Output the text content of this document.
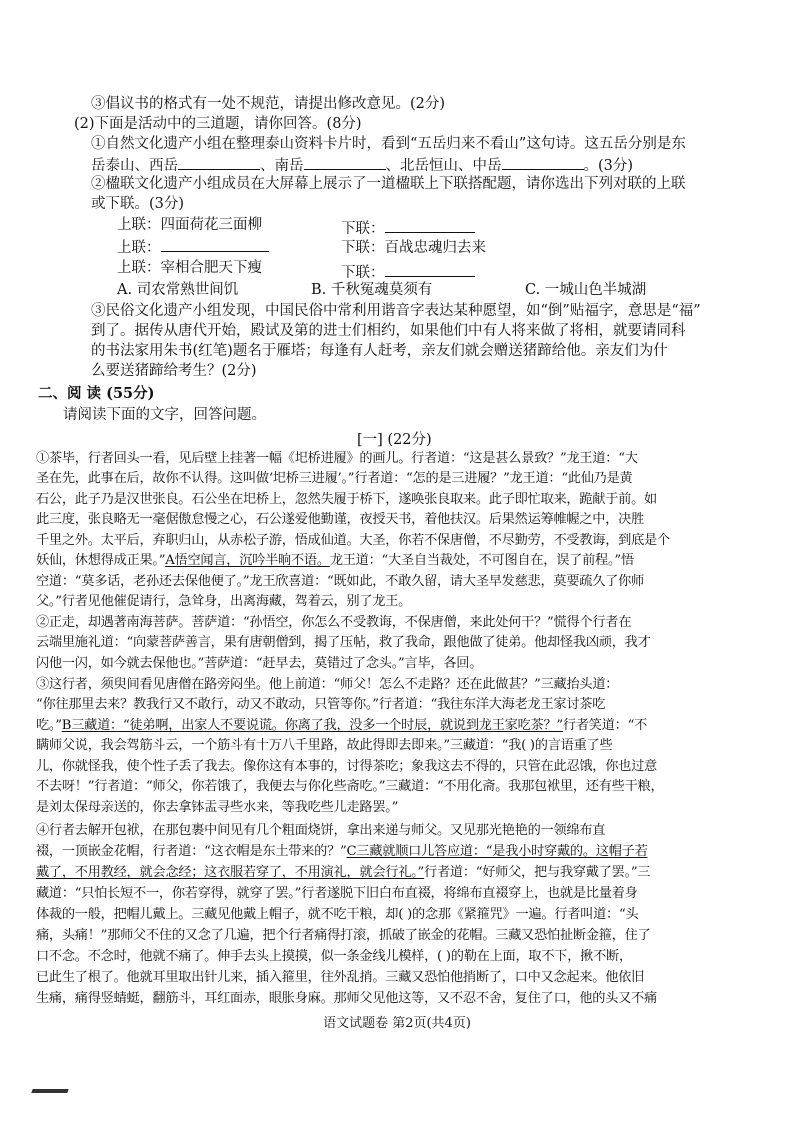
③倡议书的格式有一处不规范，请提出修改意见。(2分)
(2)下面是活动中的三道题，请你回答。(8分)
①自然文化遗产小组在整理泰山资料卡片时，看到“五岳归来不看山”这句诗。这五岳分别是东
岳泰山、西岳	、南岳	、北岳恒山、中岳	。(3分)
②楹联文化遗产小组成员在大屏幕上展示了一道楹联上下联搭配题，请你选出下列对联的上联
或下联。(3分)
上联：四面荷花三面柳	下联：
上联：	下联：百战忠魂归去来
上联：宰相合肥天下瘦	下联：
A. 司农常熟世间饥	B. 千秋冤魂莫须有	C. 一城山色半城湖
③民俗文化遗产小组发现，中国民俗中常利用谐音字表达某种愿望，如“倒”贴福字，意思是“福”
到了。据传从唐代开始，殿试及第的进士们相约，如果他们中有人将来做了将相，就要请同科
的书法家用朱书(红笔)题名于雁塔；每逢有人赶考，亲友们就会赠送猪蹄给他。亲友们为什
么要送猪蹄给考生？(2分)
二、阅 读 (55分)
请阅读下面的文字，回答问题。
[一] (22分)
①茶毕，行者回头一看，见后壁上挂著一幅《圯桥进履》的画儿。行者道：“这是甚么景致？”龙王道：“大
圣在先，此事在后，故你不认得。这叫做‘圯桥三进履’。”行者道：“怎的是三进履？”龙王道：“此仙乃是黄
石公，此子乃是汉世张良。石公坐在圯桥上，忽然失履于桥下，遂唤张良取来。此子即忙取来，跪献于前。如
此三度，张良略无一毫倨傲怠慢之心，石公遂爱他勤谨，夜授天书，着他扶汉。后果然运筹帷幄之中，决胜
千里之外。太平后，弃职归山，从赤松子游，悟成仙道。大圣，你若不保唐僧，不尽勤劳，不受教诲，到底是个
妖仙，休想得成正果。”A悟空闻言，沉吟半晌不语。龙王道：“大圣自当裁处，不可图自在，误了前程。”悟
空道：“莫多话，老孙还去保他便了。”龙王欣喜道：“既如此，不敢久留，请大圣早发慈悲，莫要疏久了你师
父。”行者见他催促请行，急耸身，出离海藏，驾着云，别了龙王。
②正走，却遇著南海菩萨。菩萨道：“孙悟空，你怎么不受教诲，不保唐僧，来此处何干？”慌得个行者在
云端里施礼道：“向蒙菩萨善言，果有唐朝僧到，揭了压帖，救了我命，跟他做了徒弟。他却怪我凶顽，我才
闪他一闪，如今就去保他也。”菩萨道：“赶早去，莫错过了念头。”言毕，各回。
③这行者，须臾间看见唐僧在路旁闷坐。他上前道：“师父！怎么不走路？还在此做甚？”三藏抬头道：
“你往那里去来？教我行又不敢行，动又不敢动，只管等你。”行者道：“我往东洋大海老龙王家讨茶吃
吃。”B三藏道：“徒弟啊，出家人不要说谎。你离了我，没多一个时辰，就说到龙王家吃茶？”行者笑道：“不
瞒师父说，我会驾筋斗云，一个筋斗有十万八千里路，故此得即去即来。”三藏道：“我( )的言语重了些
儿，你就怪我，使个性子丢了我去。像你这有本事的，讨得茶吃；象我这去不得的，只管在此忍饿，你也过意
不去呀！”行者道：“师父，你若饿了，我便去与你化些斋吃。”三藏道：“不用化斋。我那包袱里，还有些干粮，
是刘太保母亲送的，你去拿钵盂寻些水来，等我吃些儿走路罢。”
④行者去解开包袱，在那包裹中间见有几个粗面烧饼，拿出来递与师父。又见那光艳艳的一领绵布直
裰，一顶嵌金花帽，行者道：“这衣帽是东土带来的？”C三藏就顺口儿答应道：“是我小时穿戴的。这帽子若
戴了，不用教经，就会念经；这衣服若穿了，不用演礼，就会行礼。”行者道：“好师父，把与我穿戴了罢。”三
藏道：“只怕长短不一，你若穿得，就穿了罢。”行者遂脱下旧白布直裰，将绵布直裰穿上，也就是比量着身
体裁的一般，把帽儿戴上。三藏见他戴上帽子，就不吃干粮，却( )的念那《紧箍咒》一遍。行者叫道：“头
痛，头痛！”那师父不住的又念了几遍，把个行者痛得打滚，抓破了嵌金的花帽。三藏又恐怕扯断金箍，住了
口不念。不念时，他就不痛了。伸手去头上摸摸，似一条金线儿模样，( )的勒在上面，取不下，揪不断，
已此生了根了。他就耳里取出针儿来，插入箍里，往外乱捎。三藏又恐怕他捎断了，口中又念起来。他依旧
生痛，痛得竖蜻蜓，翻筋斗，耳红面赤，眼胀身麻。那师父见他这等，又不忍不舍，复住了口，他的头又不痛
语文试题卷 第2页(共4页)
